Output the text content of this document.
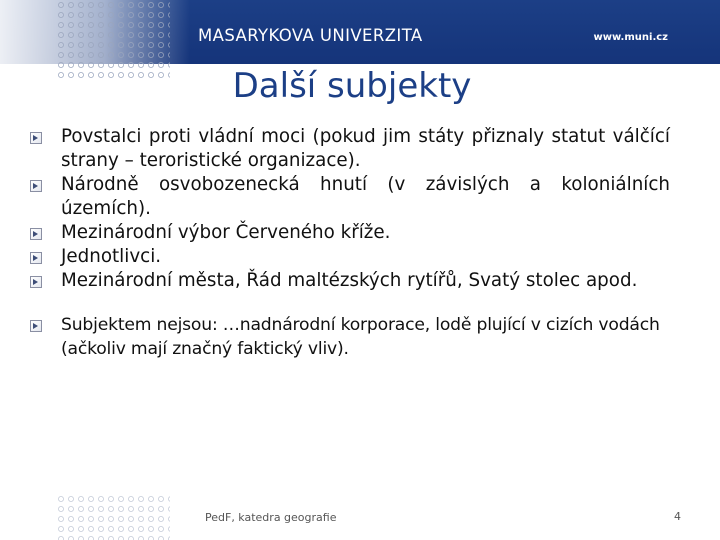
MASARYKOVA UNIVERZITA	www.muni.cz
Další subjekty
Povstalci proti vládní moci (pokud jim státy přiznaly statut válčící strany – teroristické organizace).
Národně osvobozenecká hnutí (v závislých a koloniálních územích).
Mezinárodní výbor Červeného kříže.
Jednotlivci.
Mezinárodní města, Řád maltézských rytířů, Svatý stolec apod.
Subjektem nejsou: …nadnárodní korporace, lodě plující v cizích vodách (ačkoliv mají značný faktický vliv).
PedF, katedra geografie	4
